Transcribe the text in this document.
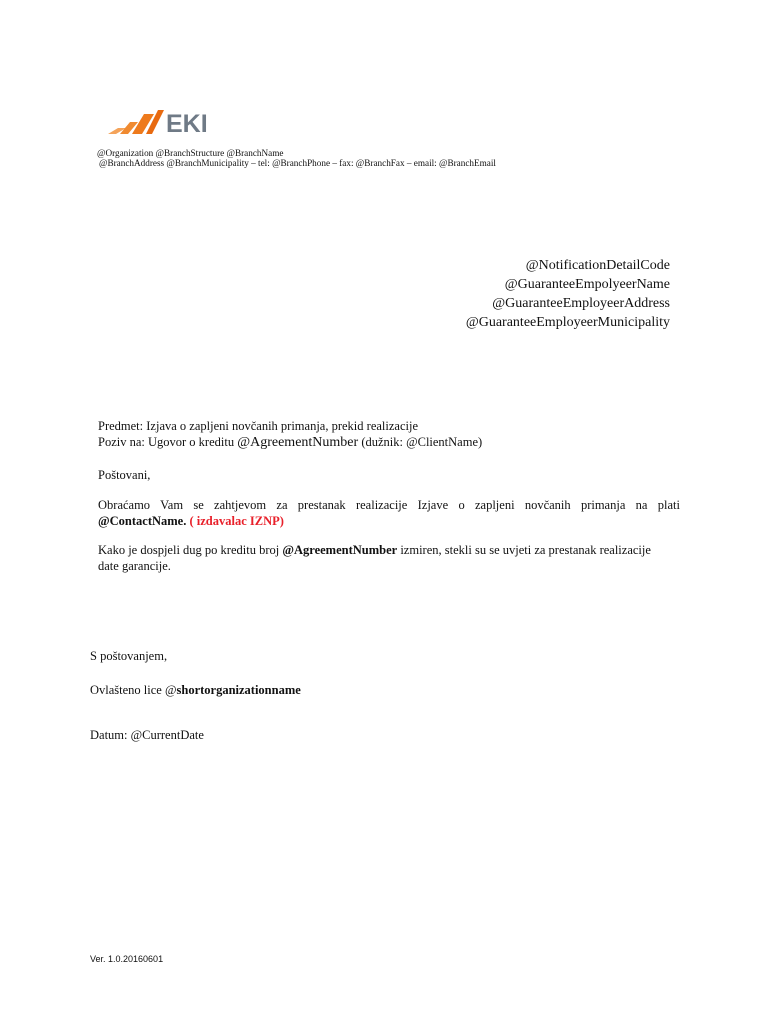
EKI
@Organization @BranchStructure @BranchName
@BranchAddress @BranchMunicipality – tel: @BranchPhone – fax: @BranchFax – email: @BranchEmail
@NotificationDetailCode
@GuaranteeEmpolyeerName
@GuaranteeEmployeerAddress
@GuaranteeEmployeerMunicipality
Predmet: Izjava o zapljeni novčanih primanja, prekid realizacije
Poziv na: Ugovor o kreditu @AgreementNumber (dužnik: @ClientName)
Poštovani,
Obraćamo Vam se zahtjevom za prestanak realizacije Izjave o zapljeni novčanih primanja na plati
@ContactName. ( izdavalac IZNP)
Kako je dospjeli dug po kreditu broj @AgreementNumber izmiren, stekli su se uvjeti za prestanak realizacije
date garancije.
S poštovanjem,
Ovlašteno lice @shortorganizationname
Datum: @CurrentDate
Ver. 1.0.20160601
